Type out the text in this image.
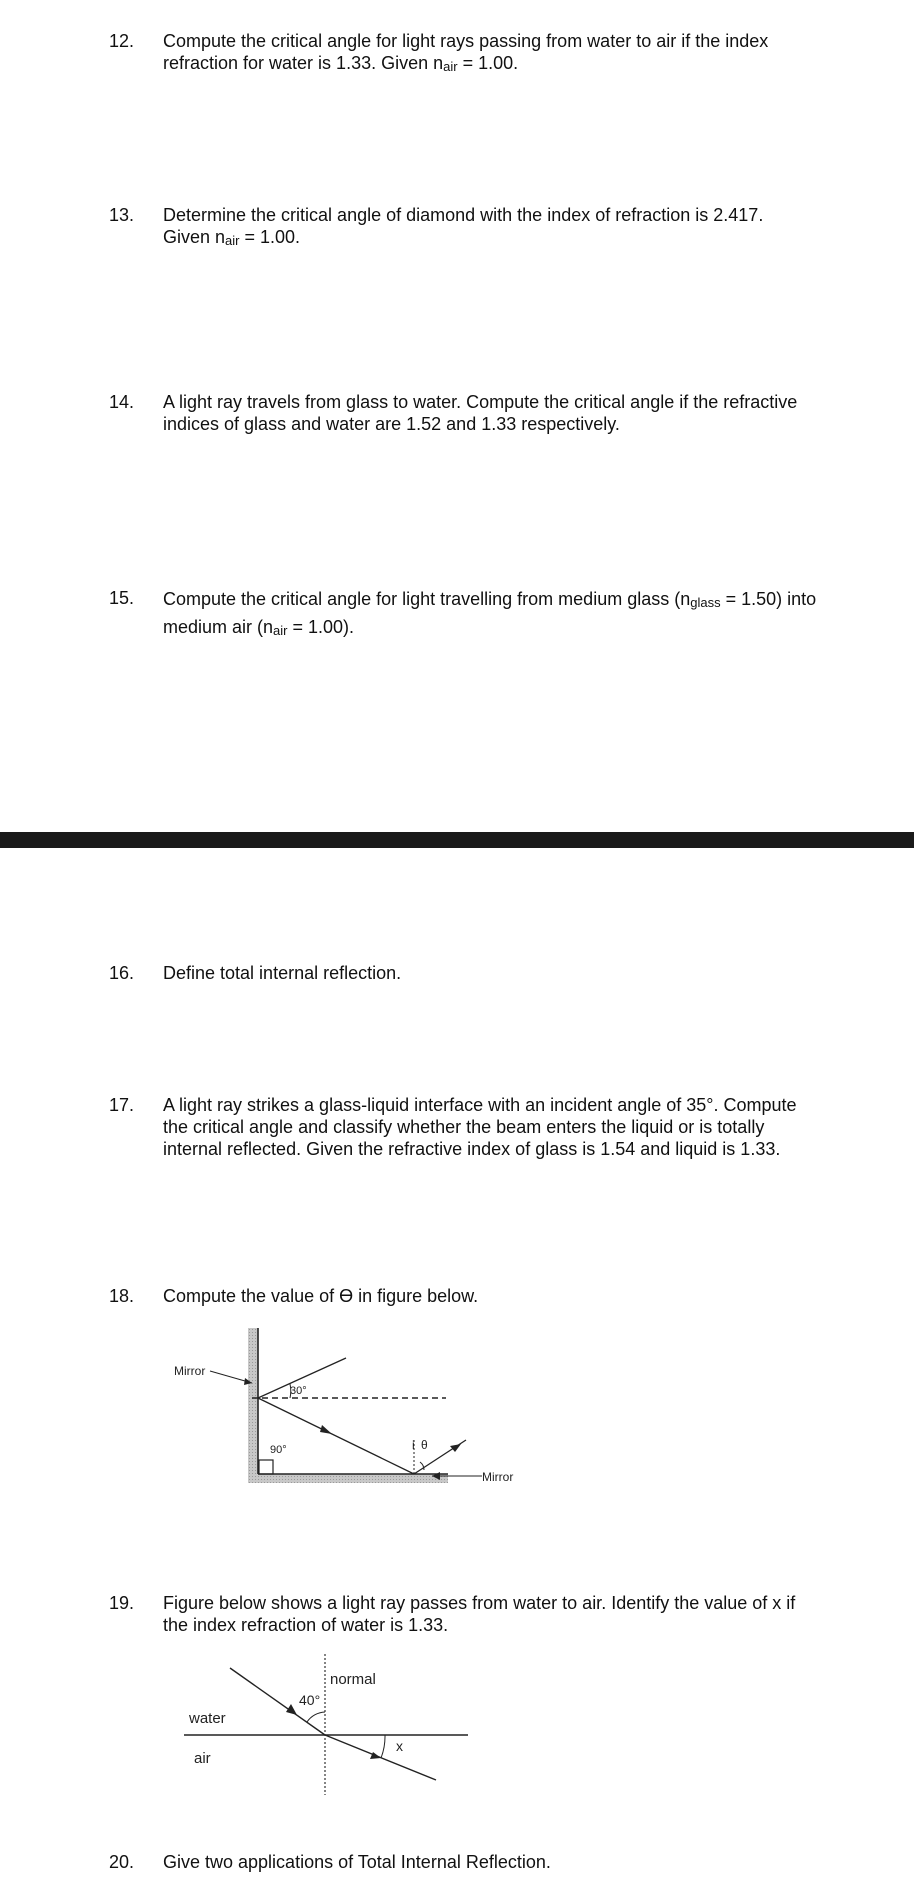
12. Compute the critical angle for light rays passing from water to air if the index
refraction for water is 1.33. Given $n_{air} = 1.00$.
13. Determine the critical angle of diamond with the index of refraction is 2.417.
Given $n_{air} = 1.00$.
14. A light ray travels from glass to water. Compute the critical angle if the refractive
indices of glass and water are 1.52 and 1.33 respectively.
15. Compute the critical angle for light travelling from medium glass $(n_{glass} = 1.50)$ into
medium air $(n_{air} = 1.00)$.
16. Define total internal reflection.
17. A light ray strikes a glass-liquid interface with an incident angle of 35°. Compute
the critical angle and classify whether the beam enters the liquid or is totally
internal reflected. Given the refractive index of glass is 1.54 and liquid is 1.33.
18. Compute the value of ϴ in figure below.
Mirror
Mirror
30°
90°	i θ
19. Figure below shows a light ray passes from water to air. Identify the value of x if
the index refraction of water is 1.33.
normal
40°
water
air
x
20. Give two applications of Total Internal Reflection.
